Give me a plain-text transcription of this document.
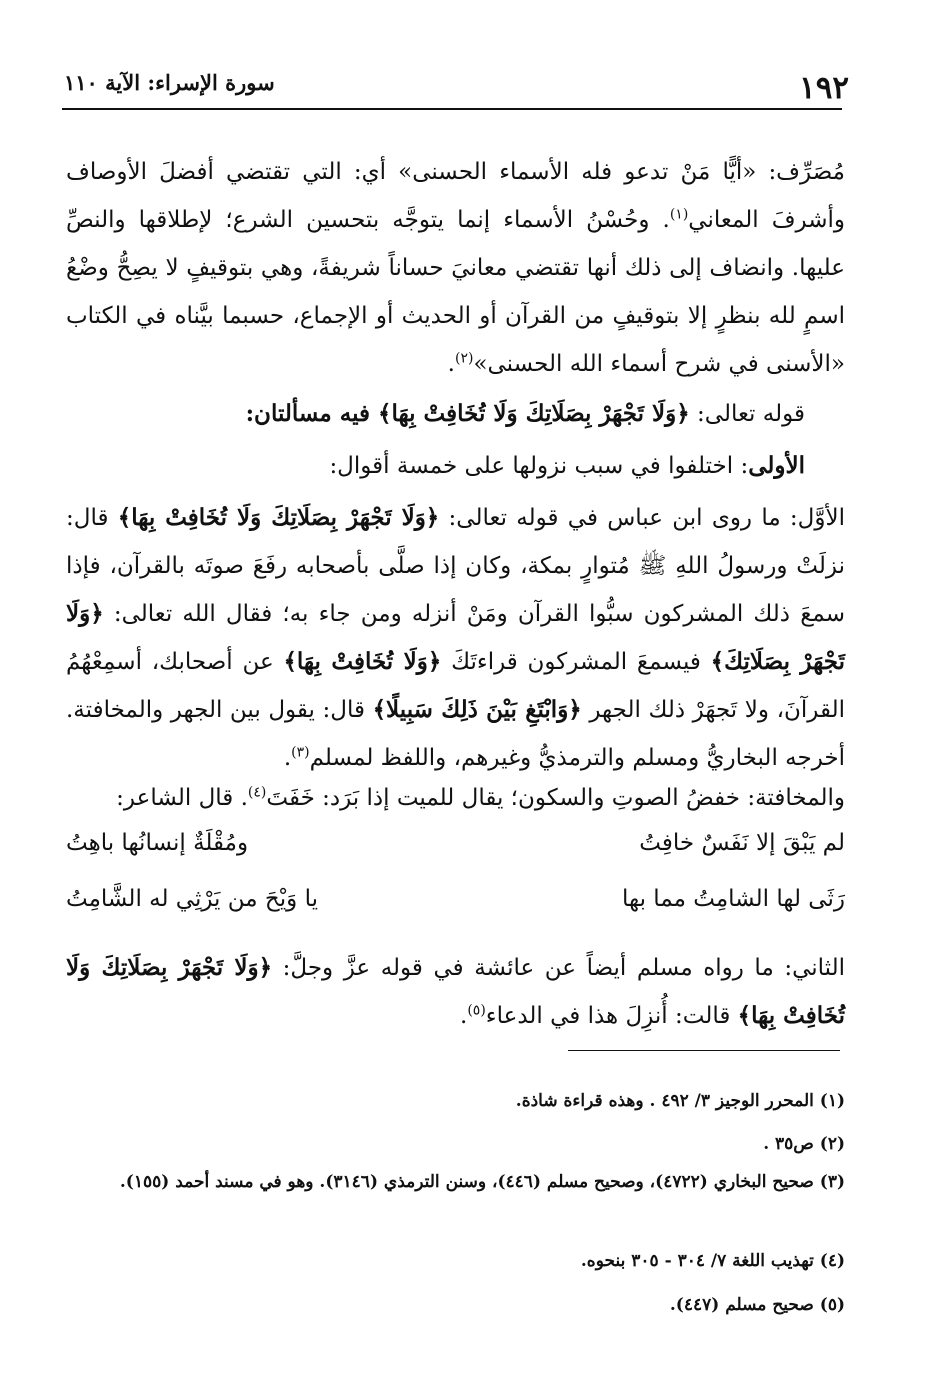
١٩٢
سورة الإسراء: الآية ١١٠
مُصَرِّف: «أيًّا مَنْ تدعو فله الأسماء الحسنى» أي: التي تقتضي أفضلَ الأوصاف وأشرفَ المعاني$^{(١)}$. وحُسْنُ الأسماء إنما يتوجَّه بتحسين الشرع؛ لإطلاقها والنصِّ عليها. وانضاف إلى ذلك أنها تقتضي معانيَ حساناً شريفةً، وهي بتوقيفٍ لا يصِحُّ وضْعُ اسمٍ لله بنظرٍ إلا بتوقيفٍ من القرآن أو الحديث أو الإجماع، حسبما بيَّناه في الكتاب «الأسنى في شرح أسماء الله الحسنى»$^{(٢)}$.
قوله تعالى: ﴿وَلَا تَجْهَرْ بِصَلَاتِكَ وَلَا تُخَافِتْ بِهَا﴾ فيه مسألتان:
الأولى: اختلفوا في سبب نزولها على خمسة أقوال:
الأوَّل: ما روى ابن عباس في قوله تعالى: ﴿وَلَا تَجْهَرْ بِصَلَاتِكَ وَلَا تُخَافِتْ بِهَا﴾ قال: نزلَتْ ورسولُ اللهِ ﷺ مُتوارٍ بمكة، وكان إذا صلَّى بأصحابه رفَعَ صوتَه بالقرآن، فإذا سمعَ ذلك المشركون سبُّوا القرآن ومَنْ أنزله ومن جاء به؛ فقال الله تعالى: ﴿وَلَا تَجْهَرْ بِصَلَاتِكَ﴾ فيسمعَ المشركون قراءتَكَ ﴿وَلَا تُخَافِتْ بِهَا﴾ عن أصحابك، أسمِعْهُمُ القرآنَ، ولا تَجهَرْ ذلك الجهر ﴿وَابْتَغِ بَيْنَ ذَلِكَ سَبِيلًا﴾ قال: يقول بين الجهر والمخافتة. أخرجه البخاريُّ ومسلم والترمذيُّ وغيرهم، واللفظ لمسلم$^{(٣)}$.
والمخافتة: خفضُ الصوتِ والسكون؛ يقال للميت إذا بَرَد: خَفَتَ$^{(٤)}$. قال الشاعر:
لم يَبْقَ إلا نَفَسٌ خافِتُ
ومُقْلَةٌ إنسانُها باهِتُ
رَثَى لها الشامِتُ مما بها
يا وَيْحَ من يَرْثِي له الشَّامِتُ
الثاني: ما رواه مسلم أيضاً عن عائشة في قوله عزَّ وجلَّ: ﴿وَلَا تَجْهَرْ بِصَلَاتِكَ وَلَا تُخَافِتْ بِهَا﴾ قالت: أُنزِلَ هذا في الدعاء$^{(٥)}$.
(١) المحرر الوجيز ٣/ ٤٩٢ . وهذه قراءة شاذة.
(٢) ص٣٥ .
(٣) صحيح البخاري (٤٧٢٢)، وصحيح مسلم (٤٤٦)، وسنن الترمذي (٣١٤٦). وهو في مسند أحمد (١٥٥).
(٤) تهذيب اللغة ٧/ ٣٠٤ - ٣٠٥ بنحوه.
(٥) صحيح مسلم (٤٤٧).
